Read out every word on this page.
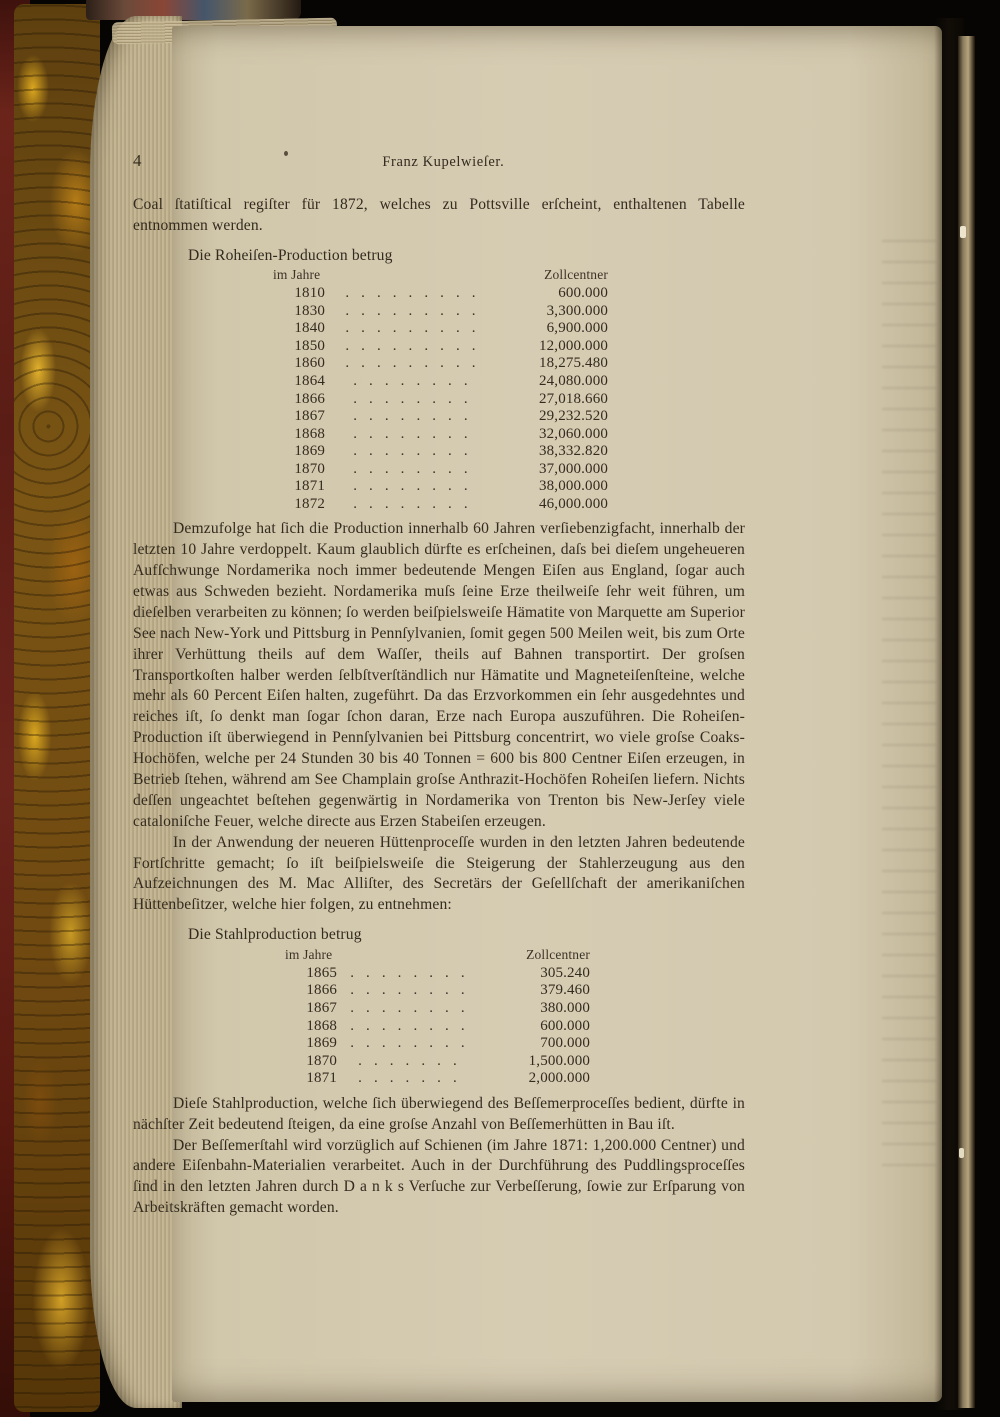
4	Franz Kupelwieſer.

Coal ſtatiſtical regiſter für 1872, welches zu Pottsville erſcheint, enthaltenen Tabelle entnommen werden.

Die Roheiſen-Production betrug

im Jahre	Zollcentner
1810	. . . . . . . . .	600.000
1830	. . . . . . . . .	3,300.000
1840	. . . . . . . . .	6,900.000
1850	. . . . . . . . .	12,000.000
1860	. . . . . . . . .	18,275.480
1864	. . . . . . . .	24,080.000
1866	. . . . . . . .	27,018.660
1867	. . . . . . . .	29,232.520
1868	. . . . . . . .	32,060.000
1869	. . . . . . . .	38,332.820
1870	. . . . . . . .	37,000.000
1871	. . . . . . . .	38,000.000
1872	. . . . . . . .	46,000.000

Demzufolge hat ſich die Production innerhalb 60 Jahren verſiebenzigfacht, innerhalb der letzten 10 Jahre verdoppelt. Kaum glaublich dürfte es erſcheinen, daſs bei dieſem ungeheueren Aufſchwunge Nordamerika noch immer bedeutende Mengen Eiſen aus England, ſogar auch etwas aus Schweden bezieht. Nordamerika muſs ſeine Erze theilweiſe ſehr weit führen, um dieſelben verarbeiten zu können; ſo werden beiſpielsweiſe Hämatite von Marquette am Superior See nach New-York und Pittsburg in Pennſylvanien, ſomit gegen 500 Meilen weit, bis zum Orte ihrer Verhüttung theils auf dem Waſſer, theils auf Bahnen transportirt. Der groſsen Transportkoſten halber werden ſelbſtverſtändlich nur Hämatite und Magneteiſenſteine, welche mehr als 60 Percent Eiſen halten, zugeführt. Da das Erzvorkommen ein ſehr ausgedehntes und reiches iſt, ſo denkt man ſogar ſchon daran, Erze nach Europa auszuführen. Die Roheiſen-Production iſt überwiegend in Pennſylvanien bei Pittsburg concentrirt, wo viele groſse Coaks-Hochöfen, welche per 24 Stunden 30 bis 40 Tonnen = 600 bis 800 Centner Eiſen erzeugen, in Betrieb ſtehen, während am See Champlain groſse Anthrazit-Hochöfen Roheiſen liefern. Nichts deſſen ungeachtet beſtehen gegenwärtig in Nordamerika von Trenton bis New-Jerſey viele cataloniſche Feuer, welche directe aus Erzen Stabeiſen erzeugen.

In der Anwendung der neueren Hüttenproceſſe wurden in den letzten Jahren bedeutende Fortſchritte gemacht; ſo iſt beiſpielsweiſe die Steigerung der Stahlerzeugung aus den Aufzeichnungen des M. Mac Alliſter, des Secretärs der Geſellſchaft der amerikaniſchen Hüttenbeſitzer, welche hier folgen, zu entnehmen:

Die Stahlproduction betrug

im Jahre	Zollcentner
1865 . . . . . . . .	305.240
1866 . . . . . . . .	379.460
1867 . . . . . . . .	380.000
1868 . . . . . . . .	600.000
1869 . . . . . . . .	700.000
1870	. . . . . . .	1,500.000
1871	. . . . . . .	2,000.000

Dieſe Stahlproduction, welche ſich überwiegend des Beſſemerproceſſes bedient, dürfte in nächſter Zeit bedeutend ſteigen, da eine groſse Anzahl von Beſſemerhütten in Bau iſt.

Der Beſſemerſtahl wird vorzüglich auf Schienen (im Jahre 1871: 1,200.000 Centner) und andere Eiſenbahn-Materialien verarbeitet. Auch in der Durchführung des Puddlingsproceſſes ſind in den letzten Jahren durch D a n k s Verſuche zur Verbeſſerung, ſowie zur Erſparung von Arbeitskräften gemacht worden.
